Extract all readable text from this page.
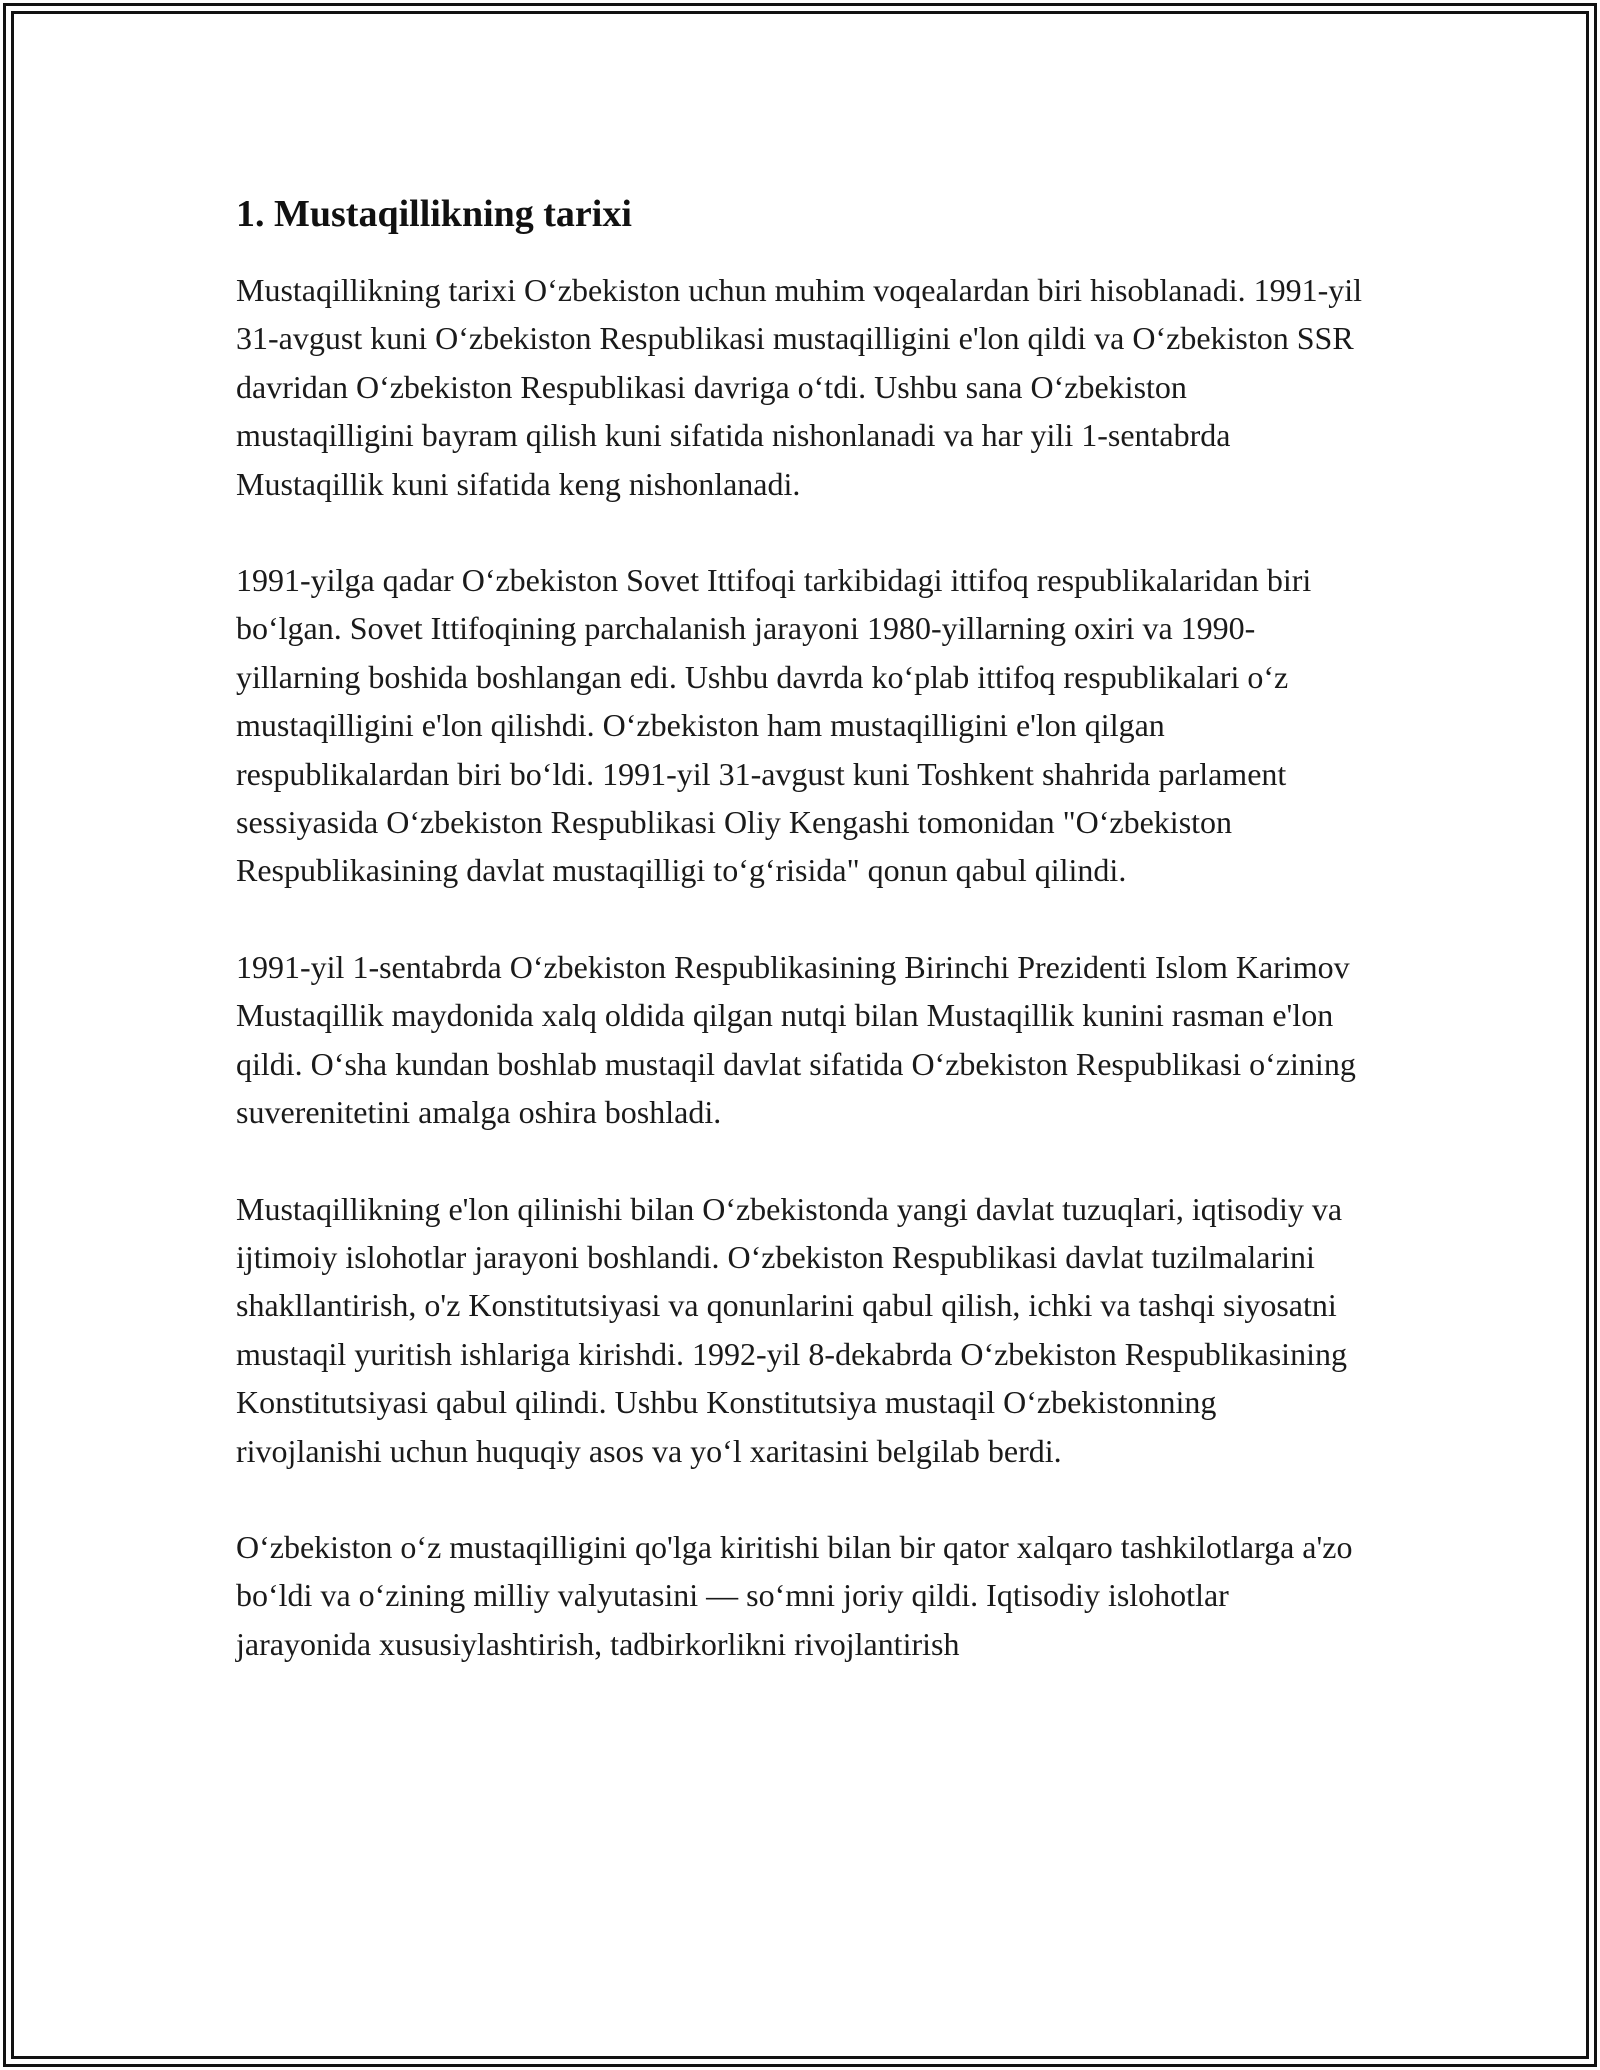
1. Mustaqillikning tarixi

Mustaqillikning tarixi O‘zbekiston uchun muhim voqealardan biri hisoblanadi. 1991-yil 31-avgust kuni O‘zbekiston Respublikasi mustaqilligini e'lon qildi va O‘zbekiston SSR davridan O‘zbekiston Respublikasi davriga o‘tdi. Ushbu sana O‘zbekiston mustaqilligini bayram qilish kuni sifatida nishonlanadi va har yili 1-sentabrda Mustaqillik kuni sifatida keng nishonlanadi.

1991-yilga qadar O‘zbekiston Sovet Ittifoqi tarkibidagi ittifoq respublikalaridan biri bo‘lgan. Sovet Ittifoqining parchalanish jarayoni 1980-yillarning oxiri va 1990-yillarning boshida boshlangan edi. Ushbu davrda ko‘plab ittifoq respublikalari o‘z mustaqilligini e'lon qilishdi. O‘zbekiston ham mustaqilligini e'lon qilgan respublikalardan biri bo‘ldi. 1991-yil 31-avgust kuni Toshkent shahrida parlament sessiyasida O‘zbekiston Respublikasi Oliy Kengashi tomonidan "O‘zbekiston Respublikasining davlat mustaqilligi to‘g‘risida" qonun qabul qilindi.

1991-yil 1-sentabrda O‘zbekiston Respublikasining Birinchi Prezidenti Islom Karimov Mustaqillik maydonida xalq oldida qilgan nutqi bilan Mustaqillik kunini rasman e'lon qildi. O‘sha kundan boshlab mustaqil davlat sifatida O‘zbekiston Respublikasi o‘zining suverenitetini amalga oshira boshladi.

Mustaqillikning e'lon qilinishi bilan O‘zbekistonda yangi davlat tuzuqlari, iqtisodiy va ijtimoiy islohotlar jarayoni boshlandi. O‘zbekiston Respublikasi davlat tuzilmalarini shakllantirish, o'z Konstitutsiyasi va qonunlarini qabul qilish, ichki va tashqi siyosatni mustaqil yuritish ishlariga kirishdi. 1992-yil 8-dekabrda O‘zbekiston Respublikasining Konstitutsiyasi qabul qilindi. Ushbu Konstitutsiya mustaqil O‘zbekistonning rivojlanishi uchun huquqiy asos va yo‘l xaritasini belgilab berdi.

O‘zbekiston o‘z mustaqilligini qo'lga kiritishi bilan bir qator xalqaro tashkilotlarga a'zo bo‘ldi va o‘zining milliy valyutasini — so‘mni joriy qildi. Iqtisodiy islohotlar jarayonida xususiylashtirish, tadbirkorlikni rivojlantirish
